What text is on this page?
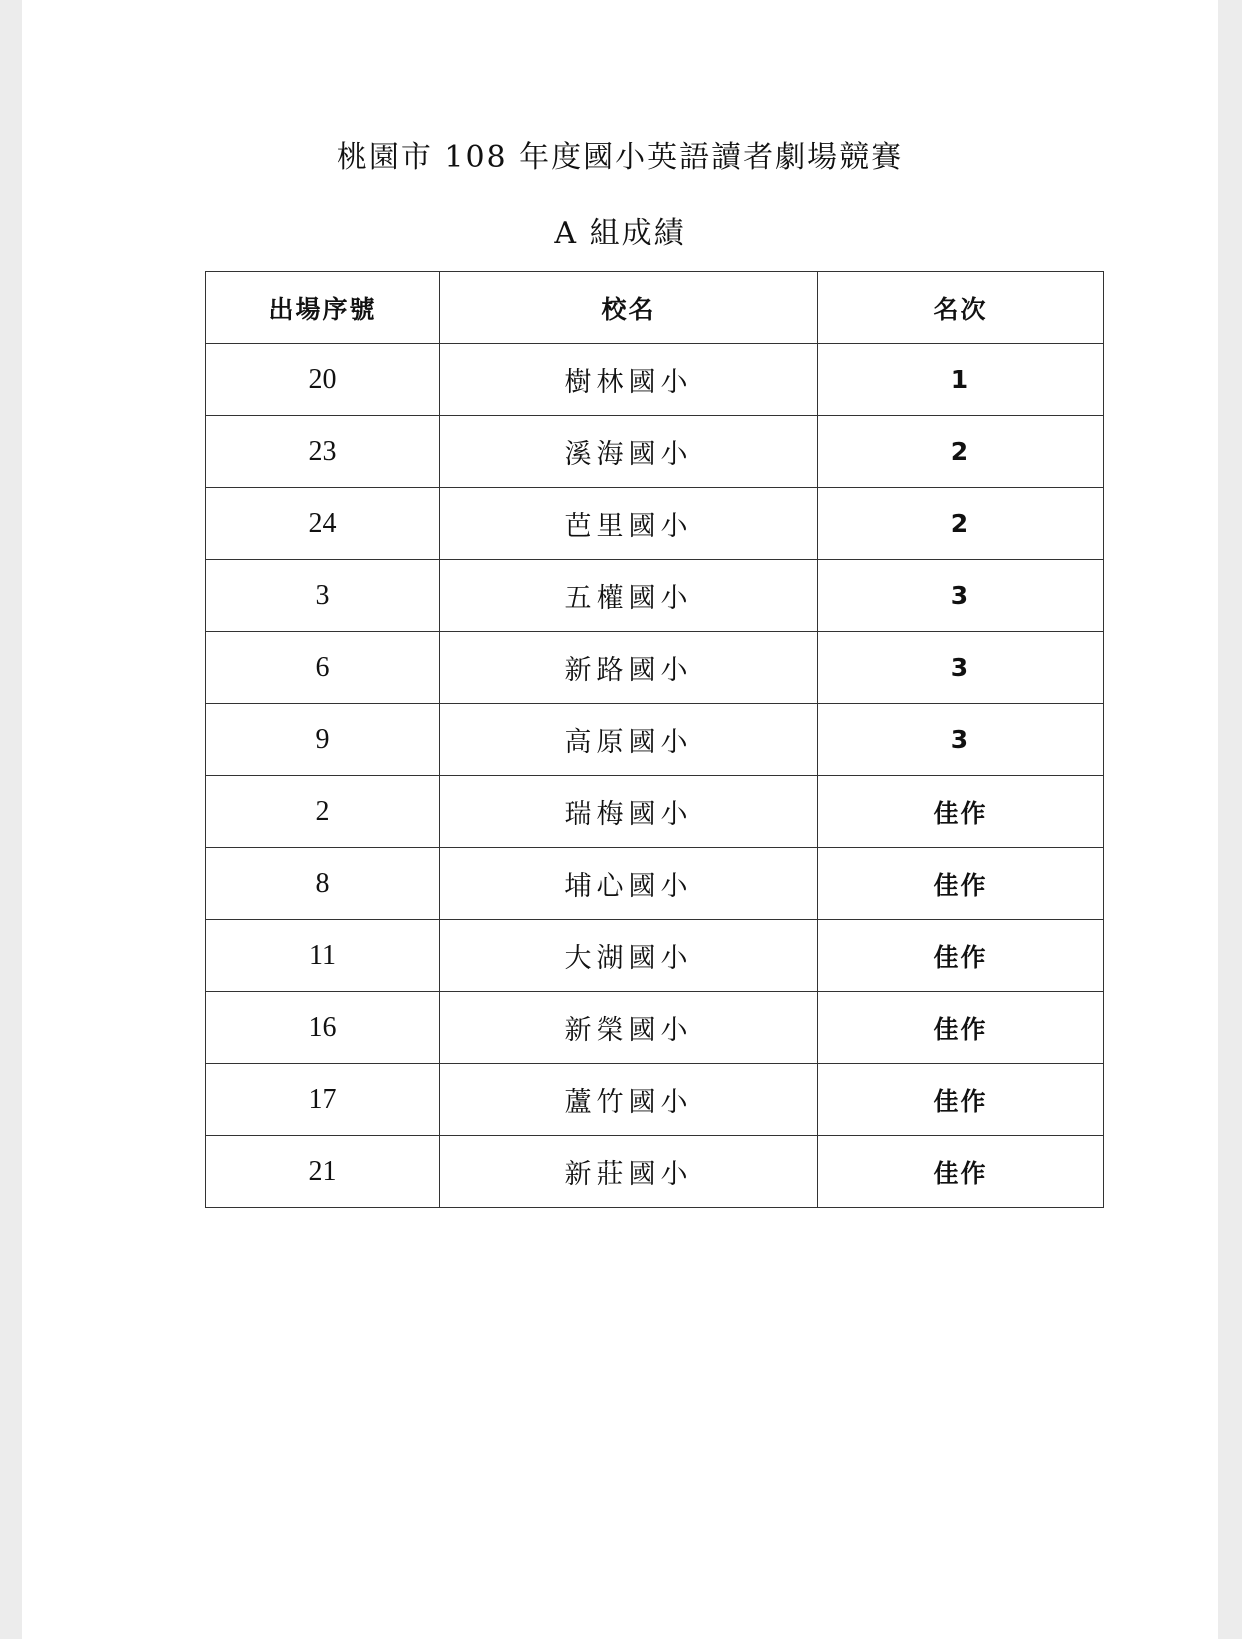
桃園市 108 年度國小英語讀者劇場競賽
A 組成績
出場序號	校名	名次
20	樹林國小	1
23	溪海國小	2
24	芭里國小	2
3	五權國小	3
6	新路國小	3
9	高原國小	3
2	瑞梅國小	佳作
8	埔心國小	佳作
11	大湖國小	佳作
16	新榮國小	佳作
17	蘆竹國小	佳作
21	新莊國小	佳作
